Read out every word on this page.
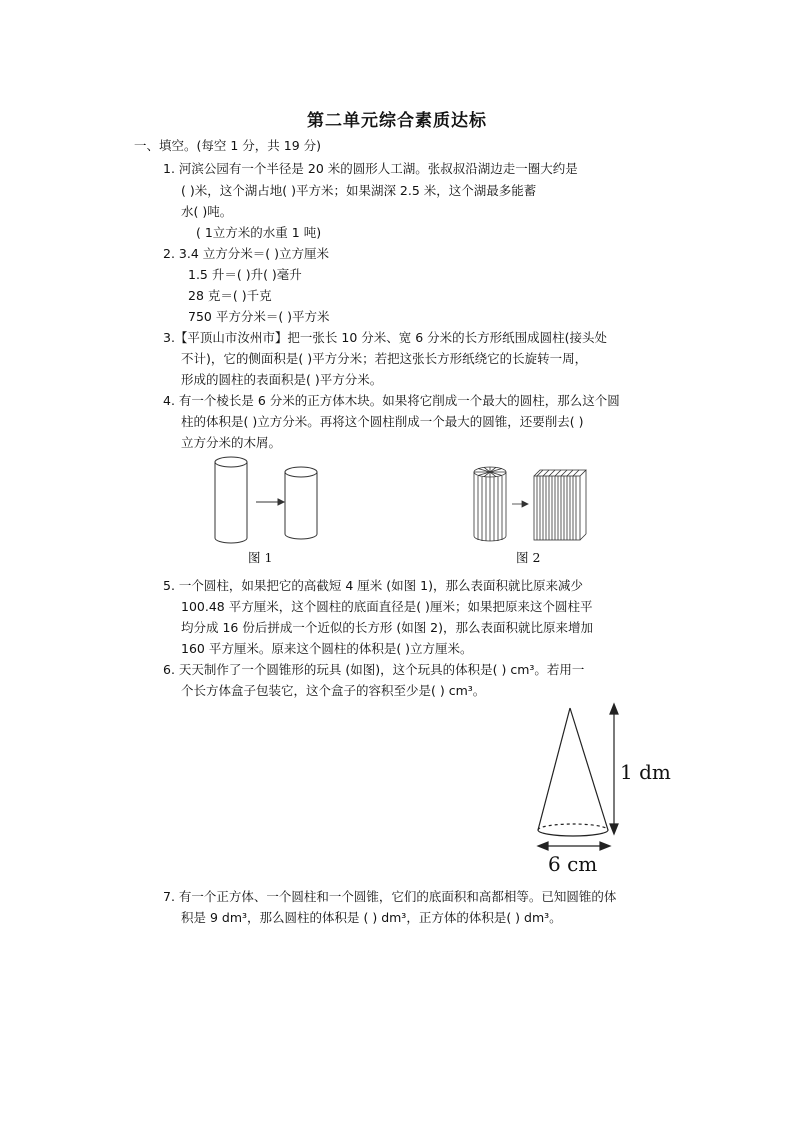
第二单元综合素质达标
一、填空。(每空 1 分，共 19 分)
1. 河滨公园有一个半径是 20 米的圆形人工湖。张叔叔沿湖边走一圈大约是
( )米，这个湖占地( )平方米；如果湖深 2.5 米，这个湖最多能蓄
水( )吨。
( 1立方米的水重 1 吨)
2. 3.4 立方分米＝( )立方厘米
1.5 升＝( )升( )毫升
28 克＝( )千克
750 平方分米＝( )平方米
3.【平顶山市汝州市】把一张长 10 分米、宽 6 分米的长方形纸围成圆柱(接头处
不计)，它的侧面积是( )平方分米；若把这张长方形纸绕它的长旋转一周，
形成的圆柱的表面积是( )平方分米。
4. 有一个棱长是 6 分米的正方体木块。如果将它削成一个最大的圆柱，那么这个圆
柱的体积是( )立方分米。再将这个圆柱削成一个最大的圆锥，还要削去( )
立方分米的木屑。
图 1	图 2
5. 一个圆柱，如果把它的高截短 4 厘米 (如图 1)，那么表面积就比原来减少
100.48 平方厘米，这个圆柱的底面直径是( )厘米；如果把原来这个圆柱平
均分成 16 份后拼成一个近似的长方形 (如图 2)，那么表面积就比原来增加
160 平方厘米。原来这个圆柱的体积是( )立方厘米。
6. 天天制作了一个圆锥形的玩具 (如图)，这个玩具的体积是( ) cm³。若用一
个长方体盒子包装它，这个盒子的容积至少是( ) cm³。
1 dm
6 cm
7. 有一个正方体、一个圆柱和一个圆锥，它们的底面积和高都相等。已知圆锥的体
积是 9 dm³，那么圆柱的体积是 ( ) dm³，正方体的体积是( ) dm³。
